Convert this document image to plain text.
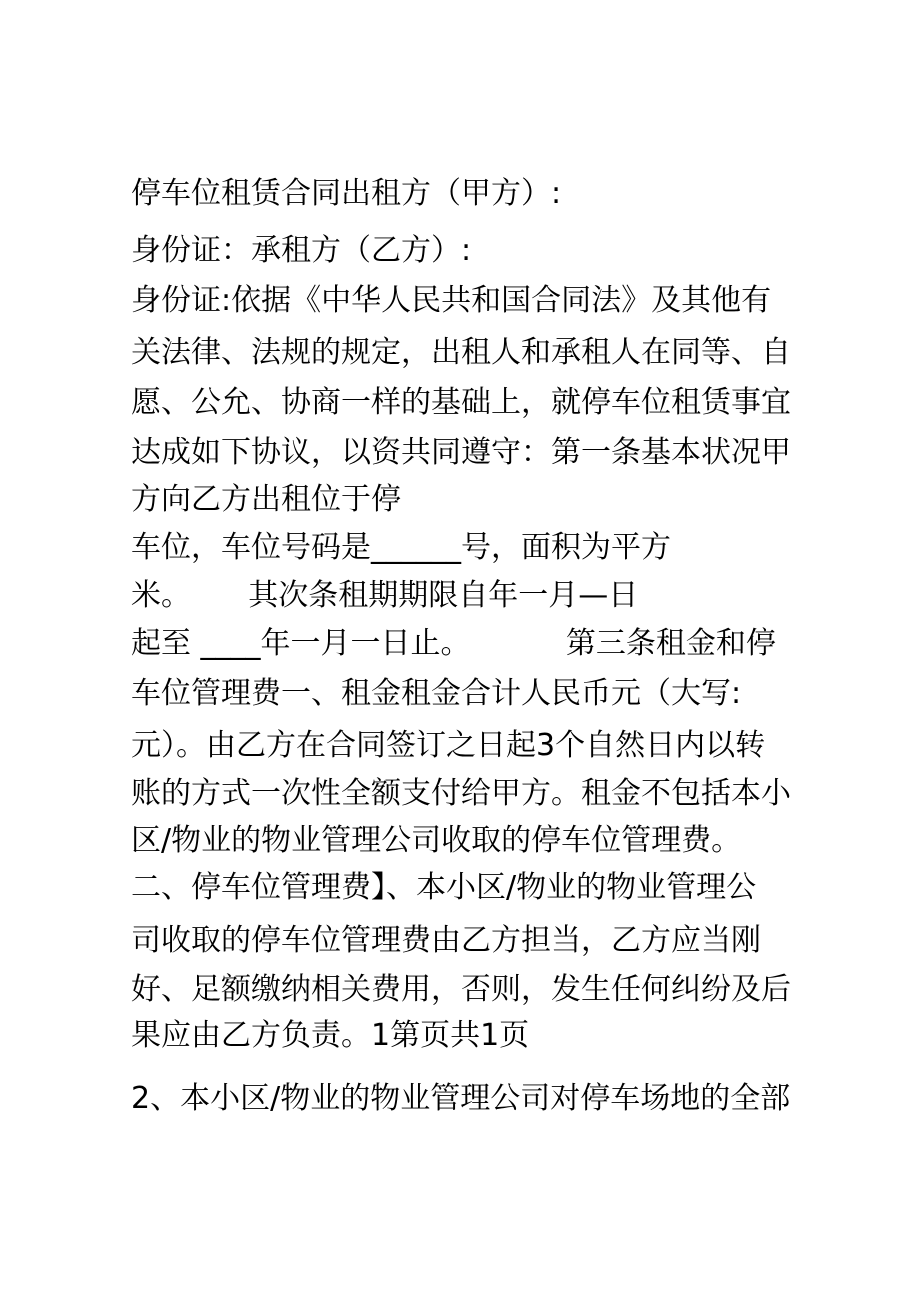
停车位租赁合同出租方（甲方）:
身份证：承租方（乙方）:
身份证:依据《中华人民共和国合同法》及其他有
关法律、法规的规定，出租人和承租人在同等、自
愿、公允、协商一样的基础上，就停车位租赁事宜
达成如下协议，以资共同遵守：第一条基本状况甲
方向乙方出租位于停
车位，车位号码是______号，面积为平方
米。      其次条租期期限自年一月—日
起至 ____年一月一日止。          第三条租金和停
车位管理费一、租金租金合计人民币元（大写:
元）。由乙方在合同签订之日起3个自然日内以转
账的方式一次性全额支付给甲方。租金不包括本小
区/物业的物业管理公司收取的停车位管理费。
二、停车位管理费】、本小区/物业的物业管理公
司收取的停车位管理费由乙方担当，乙方应当刚
好、足额缴纳相关费用，否则，发生任何纠纷及后
果应由乙方负责。1第页共1页
2、本小区/物业的物业管理公司对停车场地的全部
